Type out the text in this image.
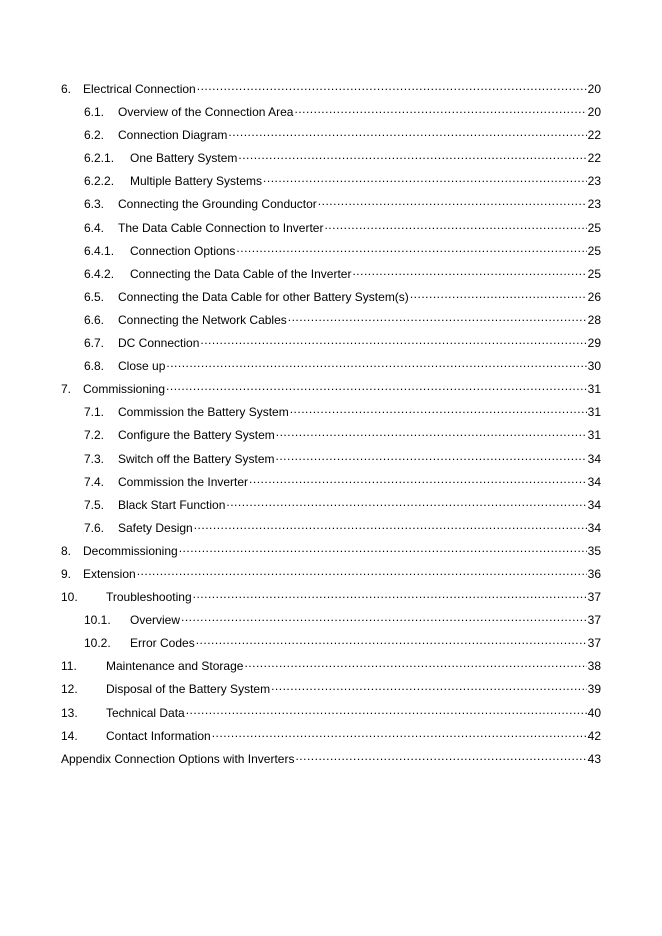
6. Electrical Connection .....	20
6.1.	Overview of the Connection Area .....	20
6.2.	Connection Diagram .....	22
6.2.1.	One Battery System .....	22
6.2.2.	Multiple Battery Systems .....	23
6.3.	Connecting the Grounding Conductor .....	23
6.4.	The Data Cable Connection to Inverter .....	25
6.4.1.	Connection Options .....	25
6.4.2.	Connecting the Data Cable of the Inverter .....	25
6.5.	Connecting the Data Cable for other Battery System(s) .....	26
6.6.	Connecting the Network Cables .....	28
6.7.	DC Connection .....	29
6.8.	Close up .....	30
7. Commissioning .....	31
7.1.	Commission the Battery System .....	31
7.2.	Configure the Battery System .....	31
7.3.	Switch off the Battery System .....	34
7.4.	Commission the Inverter .....	34
7.5.	Black Start Function .....	34
7.6.	Safety Design .....	34
8. Decommissioning .....	35
9. Extension .....	36
10.	Troubleshooting .....	37
10.1.	Overview .....	37
10.2.	Error Codes .....	37
11.	Maintenance and Storage .....	38
12.	Disposal of the Battery System .....	39
13.	Technical Data .....	40
14.	Contact Information .....	42
Appendix Connection Options with Inverters .....	43
